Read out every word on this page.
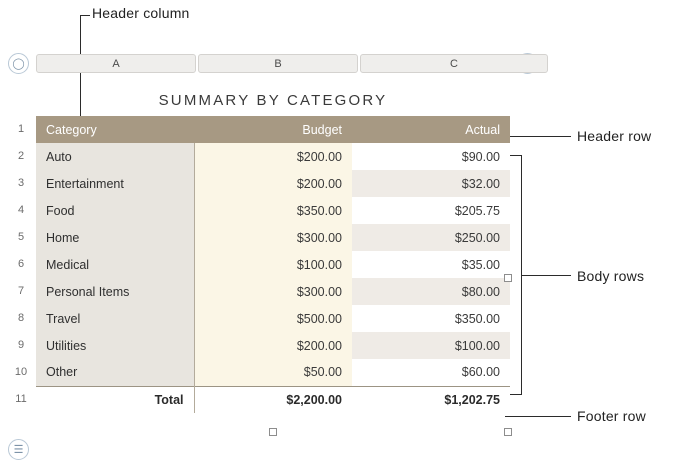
Header column
Header row
Body rows
Footer row
◯	A	B	C
1
2
3
4
5
6
7
8
9
10
11
SUMMARY BY CATEGORY
Category	Budget	Actual
Auto	$200.00	$90.00
Entertainment	$200.00	$32.00
Food	$350.00	$205.75
Home	$300.00	$250.00
Medical	$100.00	$35.00
Personal Items	$300.00	$80.00
Travel	$500.00	$350.00
Utilities	$200.00	$100.00
Other	$50.00	$60.00
Total	$2,200.00	$1,202.75
☰
